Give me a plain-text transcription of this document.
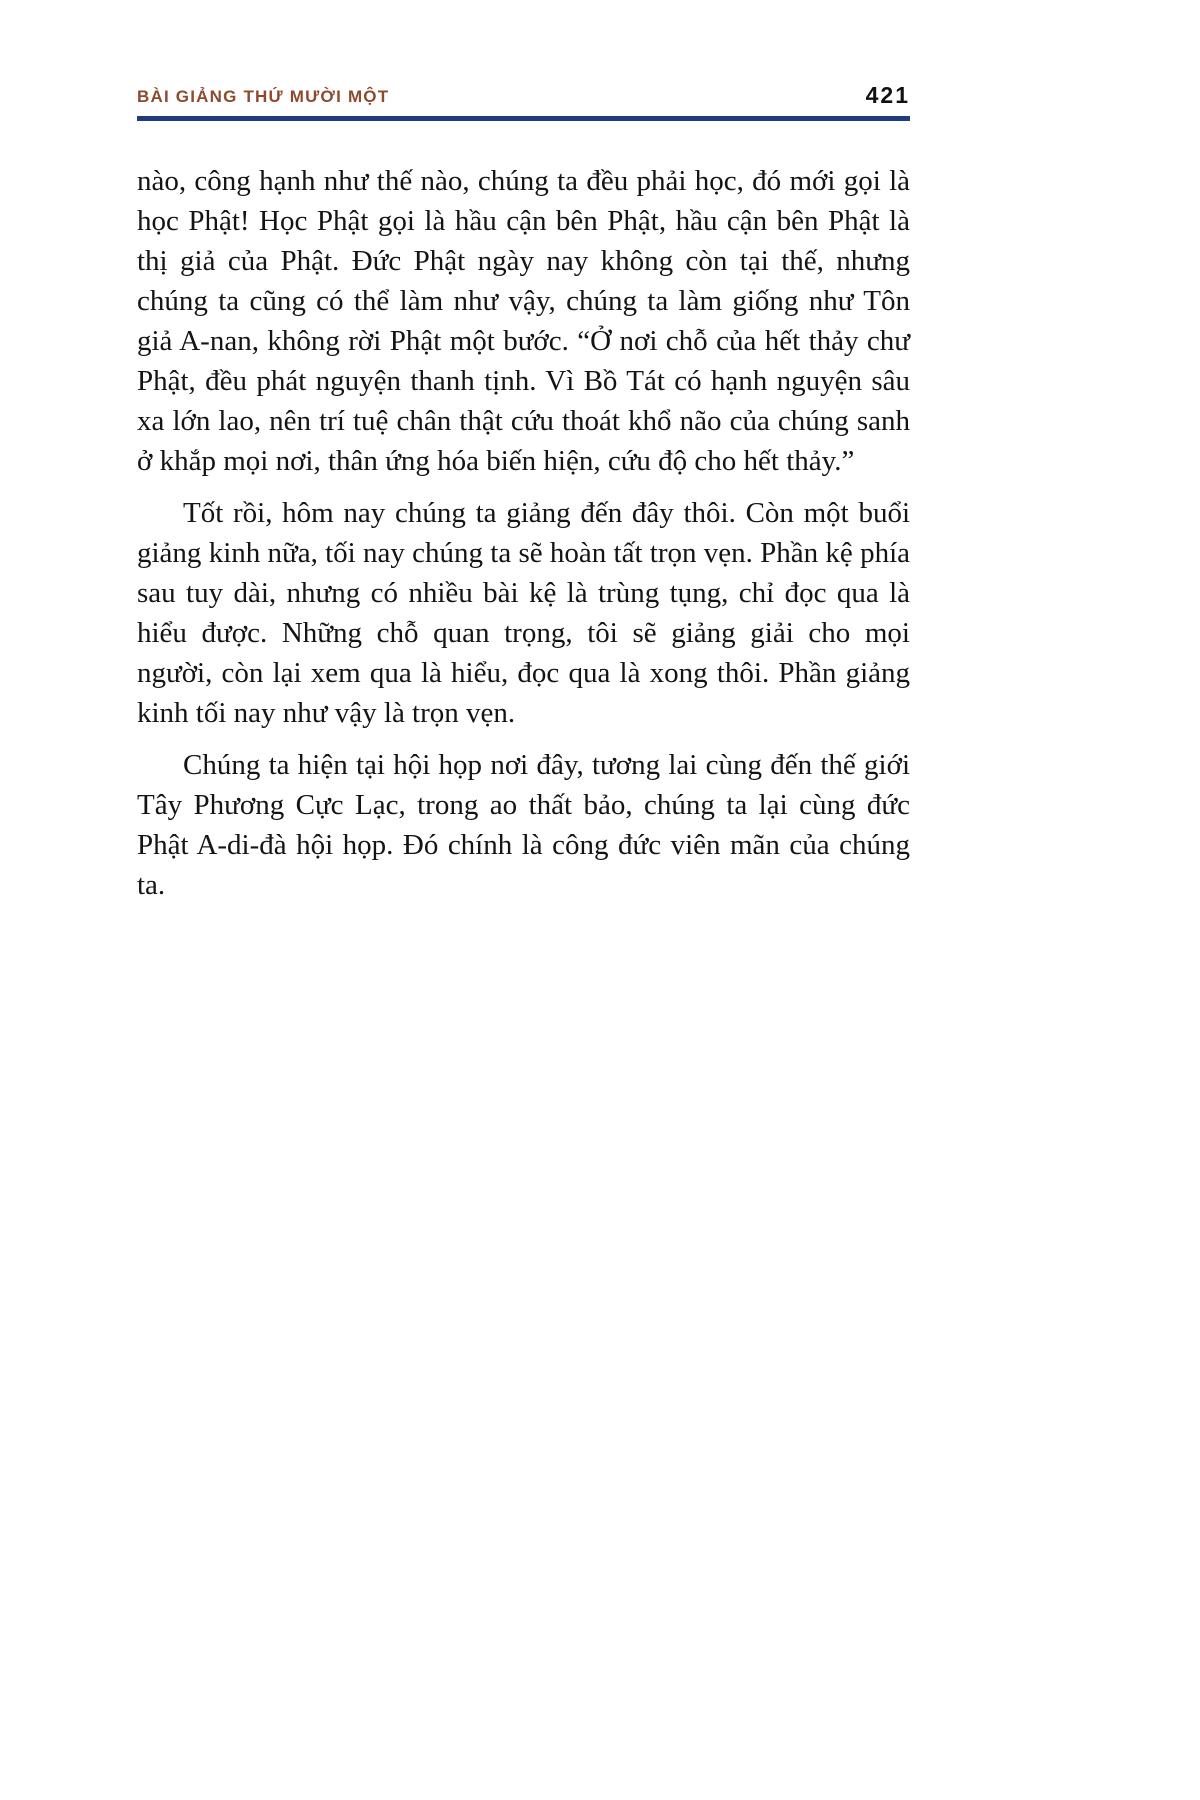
BÀI GIẢNG THỨ MƯỜI MỘT	421

nào, công hạnh như thế nào, chúng ta đều phải học, đó mới gọi là học Phật! Học Phật gọi là hầu cận bên Phật, hầu cận bên Phật là thị giả của Phật. Đức Phật ngày nay không còn tại thế, nhưng chúng ta cũng có thể làm như vậy, chúng ta làm giống như Tôn giả A-nan, không rời Phật một bước. “Ở nơi chỗ của hết thảy chư Phật, đều phát nguyện thanh tịnh. Vì Bồ Tát có hạnh nguyện sâu xa lớn lao, nên trí tuệ chân thật cứu thoát khổ não của chúng sanh ở khắp mọi nơi, thân ứng hóa biến hiện, cứu độ cho hết thảy.”

Tốt rồi, hôm nay chúng ta giảng đến đây thôi. Còn một buổi giảng kinh nữa, tối nay chúng ta sẽ hoàn tất trọn vẹn. Phần kệ phía sau tuy dài, nhưng có nhiều bài kệ là trùng tụng, chỉ đọc qua là hiểu được. Những chỗ quan trọng, tôi sẽ giảng giải cho mọi người, còn lại xem qua là hiểu, đọc qua là xong thôi. Phần giảng kinh tối nay như vậy là trọn vẹn.

Chúng ta hiện tại hội họp nơi đây, tương lai cùng đến thế giới Tây Phương Cực Lạc, trong ao thất bảo, chúng ta lại cùng đức Phật A-di-đà hội họp. Đó chính là công đức viên mãn của chúng ta.
